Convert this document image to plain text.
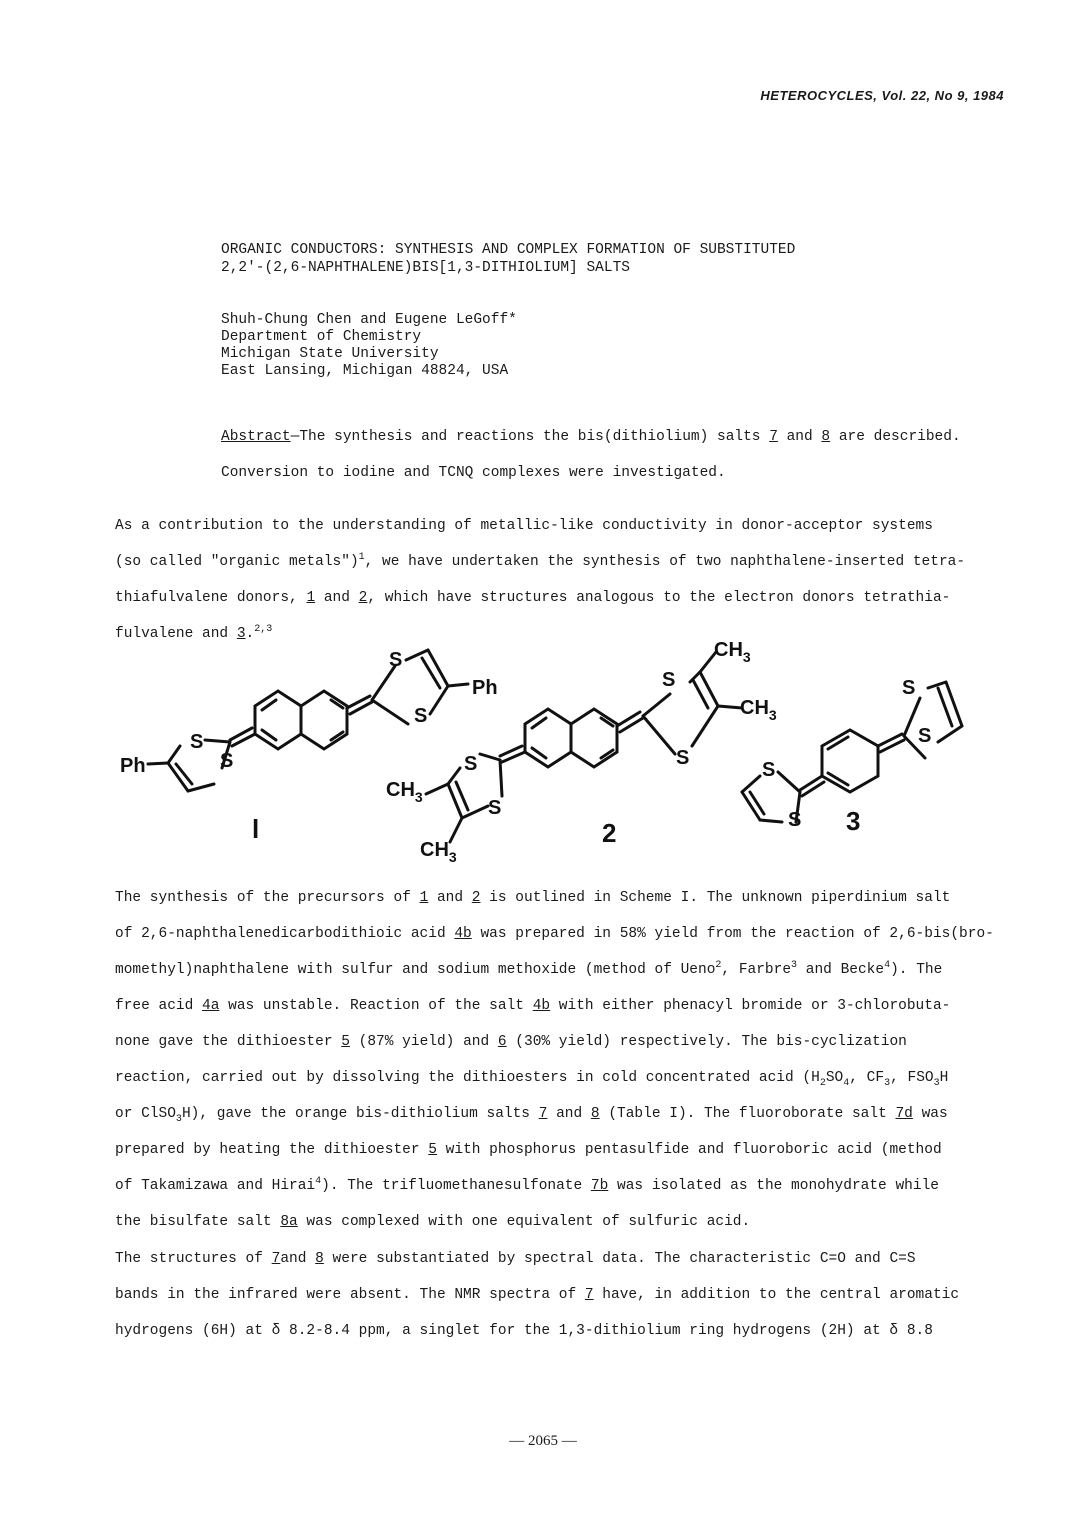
HETEROCYCLES, Vol. 22, No 9, 1984
ORGANIC CONDUCTORS: SYNTHESIS AND COMPLEX FORMATION OF SUBSTITUTED
2,2'-(2,6-NAPHTHALENE)BIS[1,3-DITHIOLIUM] SALTS
Shuh-Chung Chen and Eugene LeGoff*
Department of Chemistry
Michigan State University
East Lansing, Michigan 48824, USA
Abstract—The synthesis and reactions the bis(dithiolium) salts 7 and 8 are described.
Conversion to iodine and TCNQ complexes were investigated.
As a contribution to the understanding of metallic-like conductivity in donor-acceptor systems
(so called "organic metals")$^1$, we have undertaken the synthesis of two naphthalene-inserted tetra-
thiafulvalene donors, 1 and 2, which have structures analogous to the electron donors tetrathia-
fulvalene and 3.$^{2,3}$
S
S
Ph
S
S
Ph
S
S
$CH_3$
$CH_3$
S
S
$CH_3$
$CH_3$
S
S
S
S
l	2	3
The synthesis of the precursors of 1 and 2 is outlined in Scheme I. The unknown piperdinium salt
of 2,6-naphthalenedicarbodithioic acid 4b was prepared in 58% yield from the reaction of 2,6-bis(bro-
momethyl)naphthalene with sulfur and sodium methoxide (method of Ueno$^2$, Farbre$^3$ and Becke$^4$). The
free acid 4a was unstable. Reaction of the salt 4b with either phenacyl bromide or 3-chlorobuta-
none gave the dithioester 5 (87% yield) and 6 (30% yield) respectively. The bis-cyclization
reaction, carried out by dissolving the dithioesters in cold concentrated acid ($H_2SO_4$, $CF_3$, $FSO_3H$
or ClSO$_3$H), gave the orange bis-dithiolium salts 7 and 8 (Table I). The fluoroborate salt 7d was
prepared by heating the dithioester 5 with phosphorus pentasulfide and fluoroboric acid (method
of Takamizawa and Hirai$^4$). The trifluomethanesulfonate 7b was isolated as the monohydrate while
the bisulfate salt 8a was complexed with one equivalent of sulfuric acid.
The structures of 7and 8 were substantiated by spectral data. The characteristic C=O and C=S
bands in the infrared were absent. The NMR spectra of 7 have, in addition to the central aromatic
hydrogens (6H) at δ 8.2-8.4 ppm, a singlet for the 1,3-dithiolium ring hydrogens (2H) at δ 8.8
— 2065 —
